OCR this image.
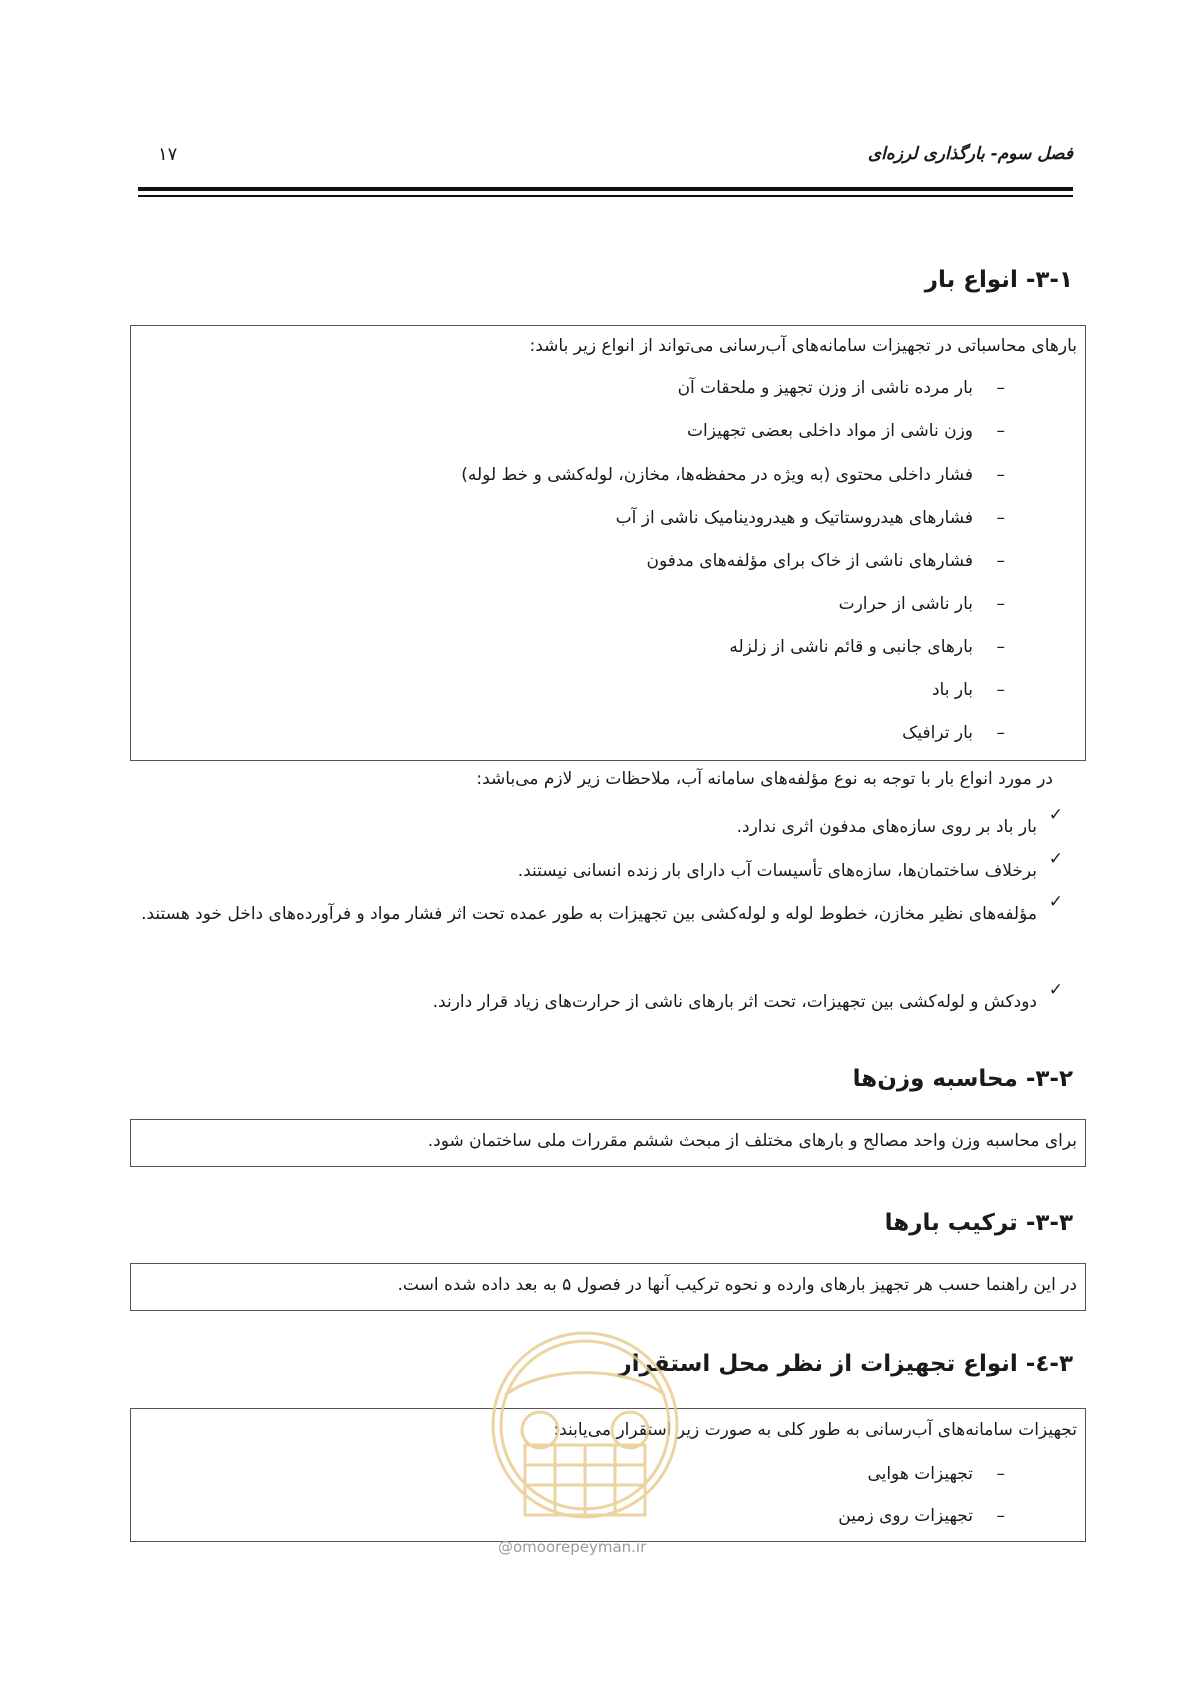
فصل سوم- بارگذاری لرزه‌ای
۱۷
۳-۱- انواع بار
بارهای محاسباتی در تجهیزات سامانه‌های آب‌رسانی می‌تواند از انواع زیر باشد:
–بار مرده ناشی از وزن تجهیز و ملحقات آن
–وزن ناشی از مواد داخلی بعضی تجهیزات
–فشار داخلی محتوی (به ویژه در محفظه‌ها، مخازن، لوله‌کشی و خط لوله)
–فشارهای هیدروستاتیک و هیدرودینامیک ناشی از آب
–فشارهای ناشی از خاک برای مؤلفه‌های مدفون
–بار ناشی از حرارت
–بارهای جانبی و قائم ناشی از زلزله
–بار باد
–بار ترافیک
در مورد انواع بار با توجه به نوع مؤلفه‌های سامانه آب، ملاحظات زیر لازم می‌باشد:
✓بار باد بر روی سازه‌های مدفون اثری ندارد.
✓برخلاف ساختمان‌ها، سازه‌های تأسیسات آب دارای بار زنده انسانی نیستند.
✓مؤلفه‌های نظیر مخازن، خطوط لوله و لوله‌کشی بین تجهیزات به طور عمده تحت اثر فشار مواد و فرآورده‌های داخل خود هستند.
✓دودکش و لوله‌کشی بین تجهیزات، تحت اثر بارهای ناشی از حرارت‌های زیاد قرار دارند.
۳-۲- محاسبه وزن‌ها
برای محاسبه وزن واحد مصالح و بارهای مختلف از مبحث ششم مقررات ملی ساختمان شود.
۳-۳- ترکیب بارها
در این راهنما حسب هر تجهیز بارهای وارده و نحوه ترکیب آنها در فصول ۵ به بعد داده شده است.
۳-٤- انواع تجهیزات از نظر محل استقرار
تجهیزات سامانه‌های آب‌رسانی به طور کلی به صورت زیر استقرار می‌یابند:
–تجهیزات هوایی
–تجهیزات روی زمین
@omoorepeyman.ir
